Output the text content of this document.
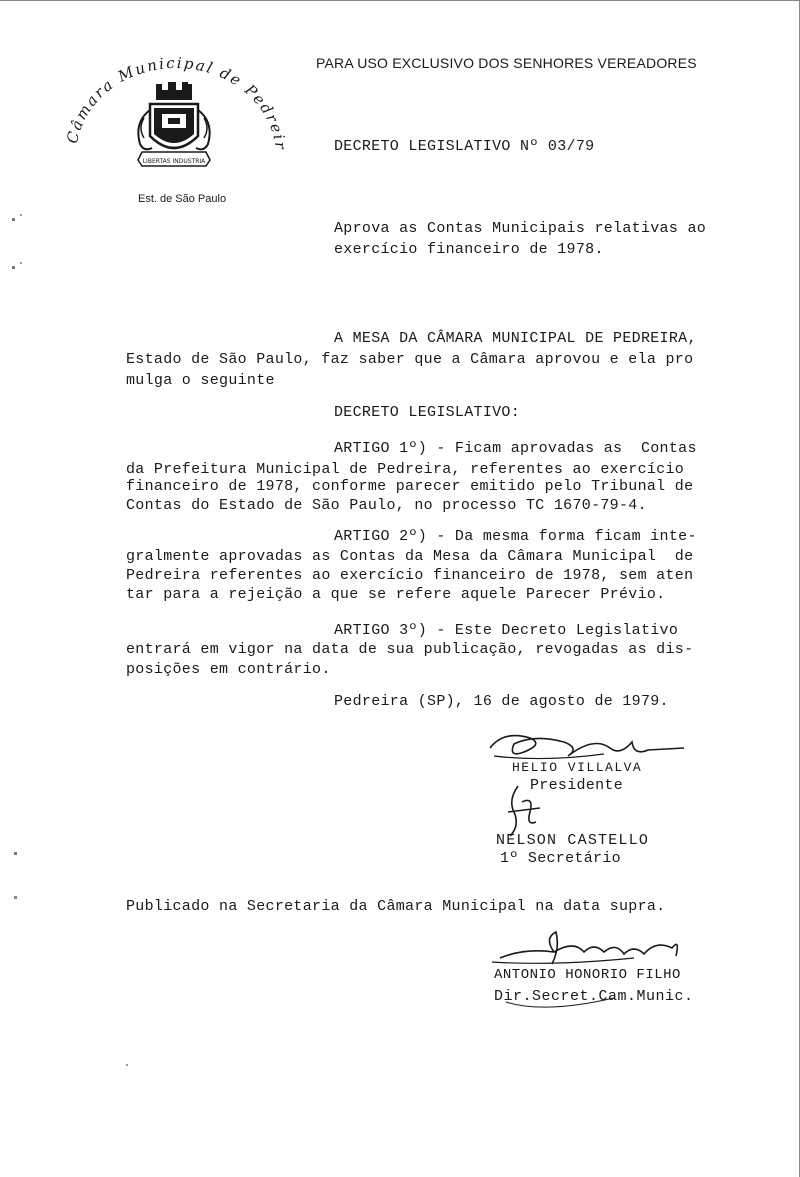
Câmara Municipal de Pedrei
LIBERTAS INDUSTRIA
Est. de São Paulo
PARA USO EXCLUSIVO DOS SENHORES VEREADORES
DECRETO LEGISLATIVO Nº 03/79
Aprova as Contas Municipais relativas ao
exercício financeiro de 1978.
A MESA DA CÂMARA MUNICIPAL DE PEDREIRA,
Estado de São Paulo, faz saber que a Câmara aprovou e ela pro
mulga o seguinte
DECRETO LEGISLATIVO:
ARTIGO 1º) - Ficam aprovadas as  Contas
da Prefeitura Municipal de Pedreira, referentes ao exercício
financeiro de 1978, conforme parecer emitido pelo Tribunal de
Contas do Estado de São Paulo, no processo TC 1670-79-4.
ARTIGO 2º) - Da mesma forma ficam inte-
gralmente aprovadas as Contas da Mesa da Câmara Municipal  de
Pedreira referentes ao exercício financeiro de 1978, sem aten
tar para a rejeição a que se refere aquele Parecer Prévio.
ARTIGO 3º) - Este Decreto Legislativo
entrará em vigor na data de sua publicação, revogadas as dis-
posições em contrário.
Pedreira (SP), 16 de agosto de 1979.
HELIO VILLALVA
Presidente
NELSON CASTELLO
1º Secretário
Publicado na Secretaria da Câmara Municipal na data supra.
ANTONIO HONORIO FILHO
Dir.Secret.Cam.Munic.
